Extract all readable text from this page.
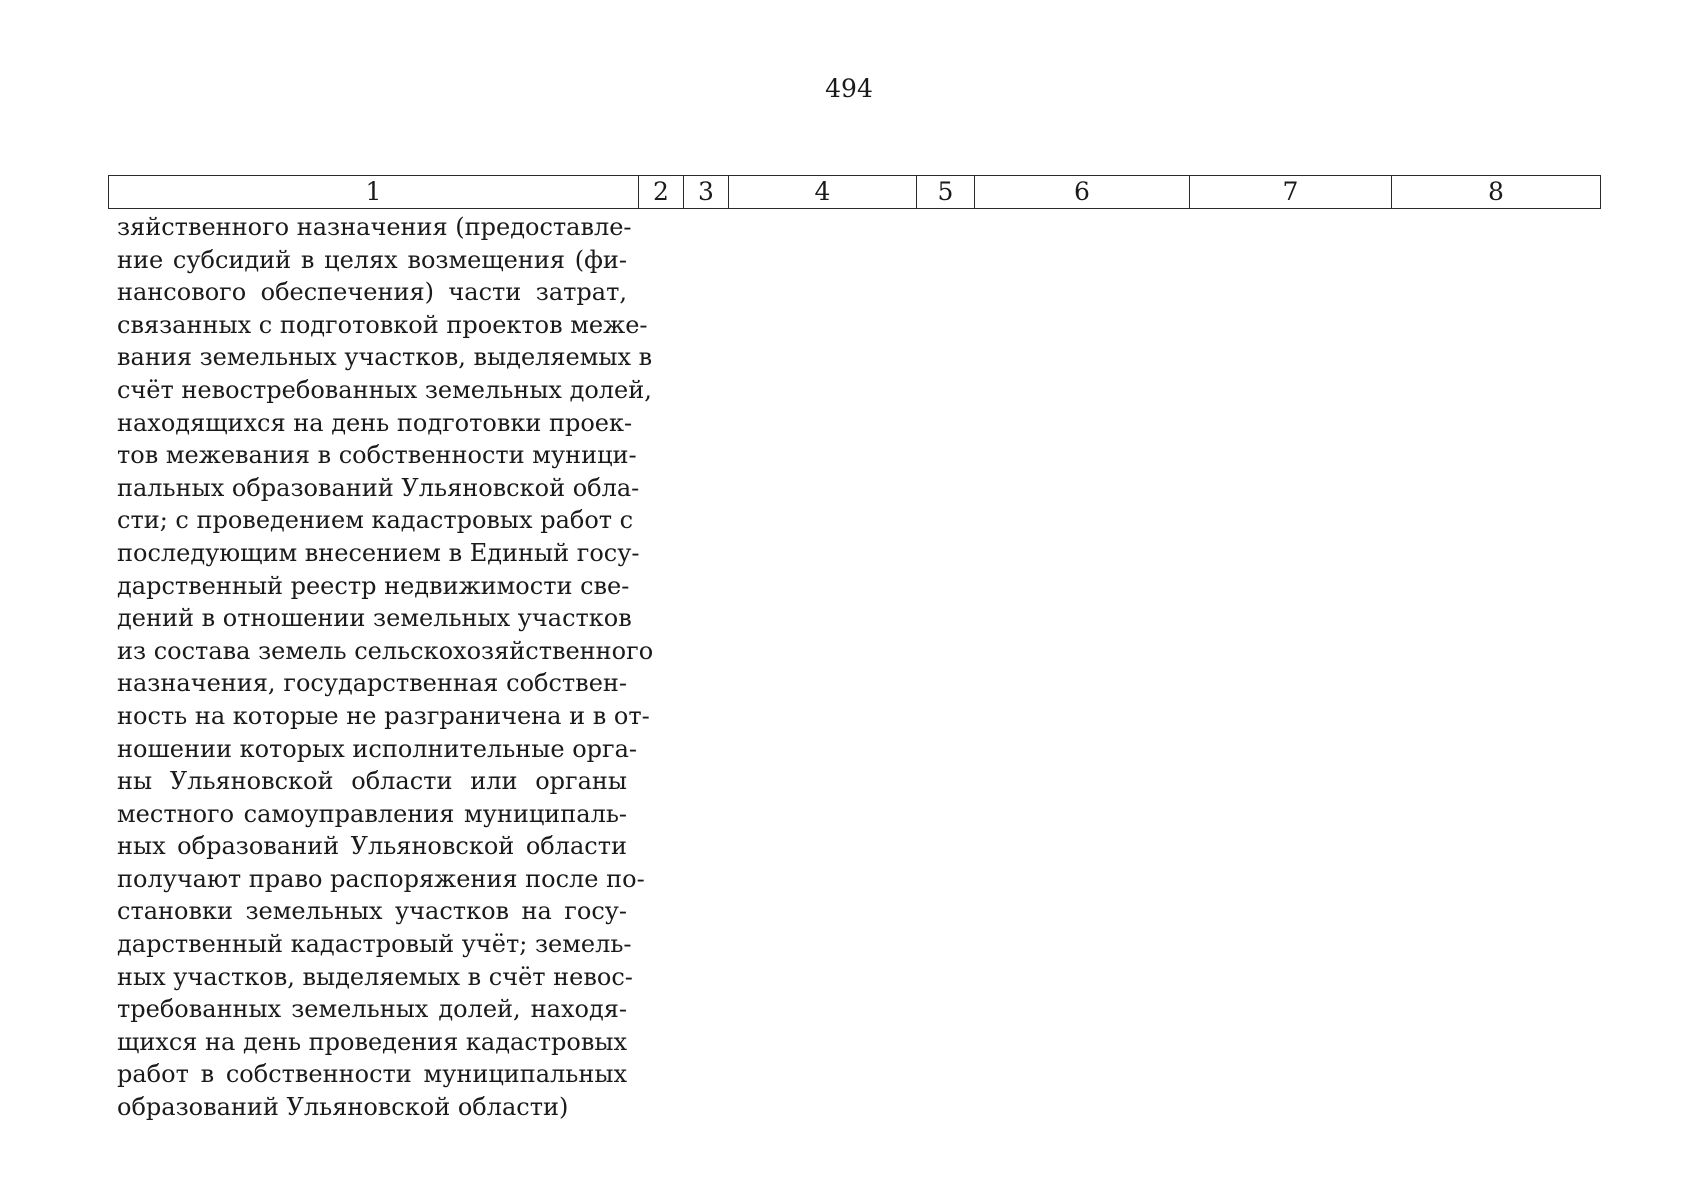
494
1	2	3	4	5	6	7	8
зяйственного назначения (предоставле-
ние субсидий в целях возмещения (фи-
нансового обеспечения) части затрат,
связанных с подготовкой проектов меже-
вания земельных участков, выделяемых в
счёт невостребованных земельных долей,
находящихся на день подготовки проек-
тов межевания в собственности муници-
пальных образований Ульяновской обла-
сти; с проведением кадастровых работ с
последующим внесением в Единый госу-
дарственный реестр недвижимости све-
дений в отношении земельных участков
из состава земель сельскохозяйственного
назначения, государственная собствен-
ность на которые не разграничена и в от-
ношении которых исполнительные орга-
ны Ульяновской области или органы
местного самоуправления муниципаль-
ных образований Ульяновской области
получают право распоряжения после по-
становки земельных участков на госу-
дарственный кадастровый учёт; земель-
ных участков, выделяемых в счёт невос-
требованных земельных долей, находя-
щихся на день проведения кадастровых
работ в собственности муниципальных
образований Ульяновской области)
